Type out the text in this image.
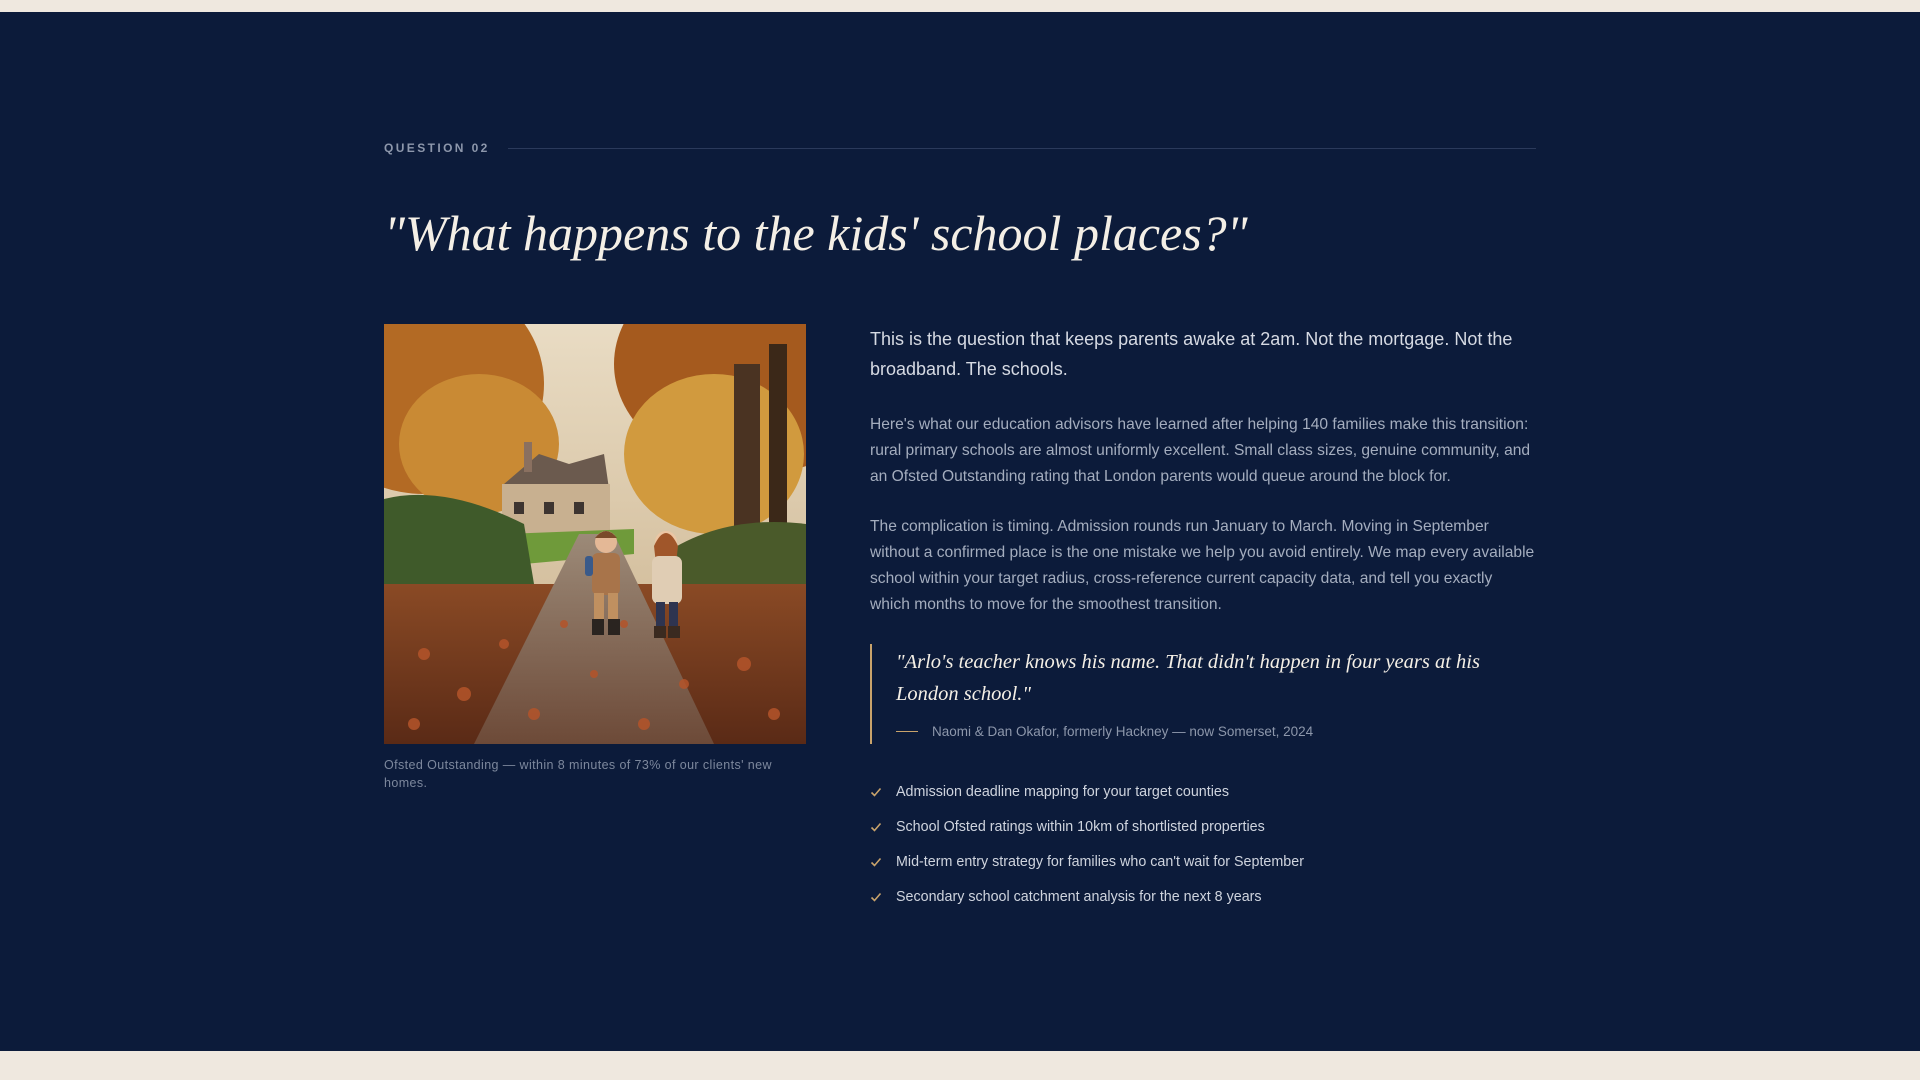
QUESTION 02
"What happens to the kids' school places?"
Ofsted Outstanding — within 8 minutes of 73% of our clients' new homes.

This is the question that keeps parents awake at 2am. Not the mortgage. Not the broadband. The schools.

Here's what our education advisors have learned after helping 140 families make this transition: rural primary schools are almost uniformly excellent. Small class sizes, genuine community, and an Ofsted Outstanding rating that London parents would queue around the block for.

The complication is timing. Admission rounds run January to March. Moving in September without a confirmed place is the one mistake we help you avoid entirely. We map every available school within your target radius, cross-reference current capacity data, and tell you exactly which months to move for the smoothest transition.

"Arlo's teacher knows his name. That didn't happen in four years at his London school."

Naomi & Dan Okafor, formerly Hackney — now Somerset, 2024
Admission deadline mapping for your target counties
School Ofsted ratings within 10km of shortlisted properties
Mid-term entry strategy for families who can't wait for September
Secondary school catchment analysis for the next 8 years
